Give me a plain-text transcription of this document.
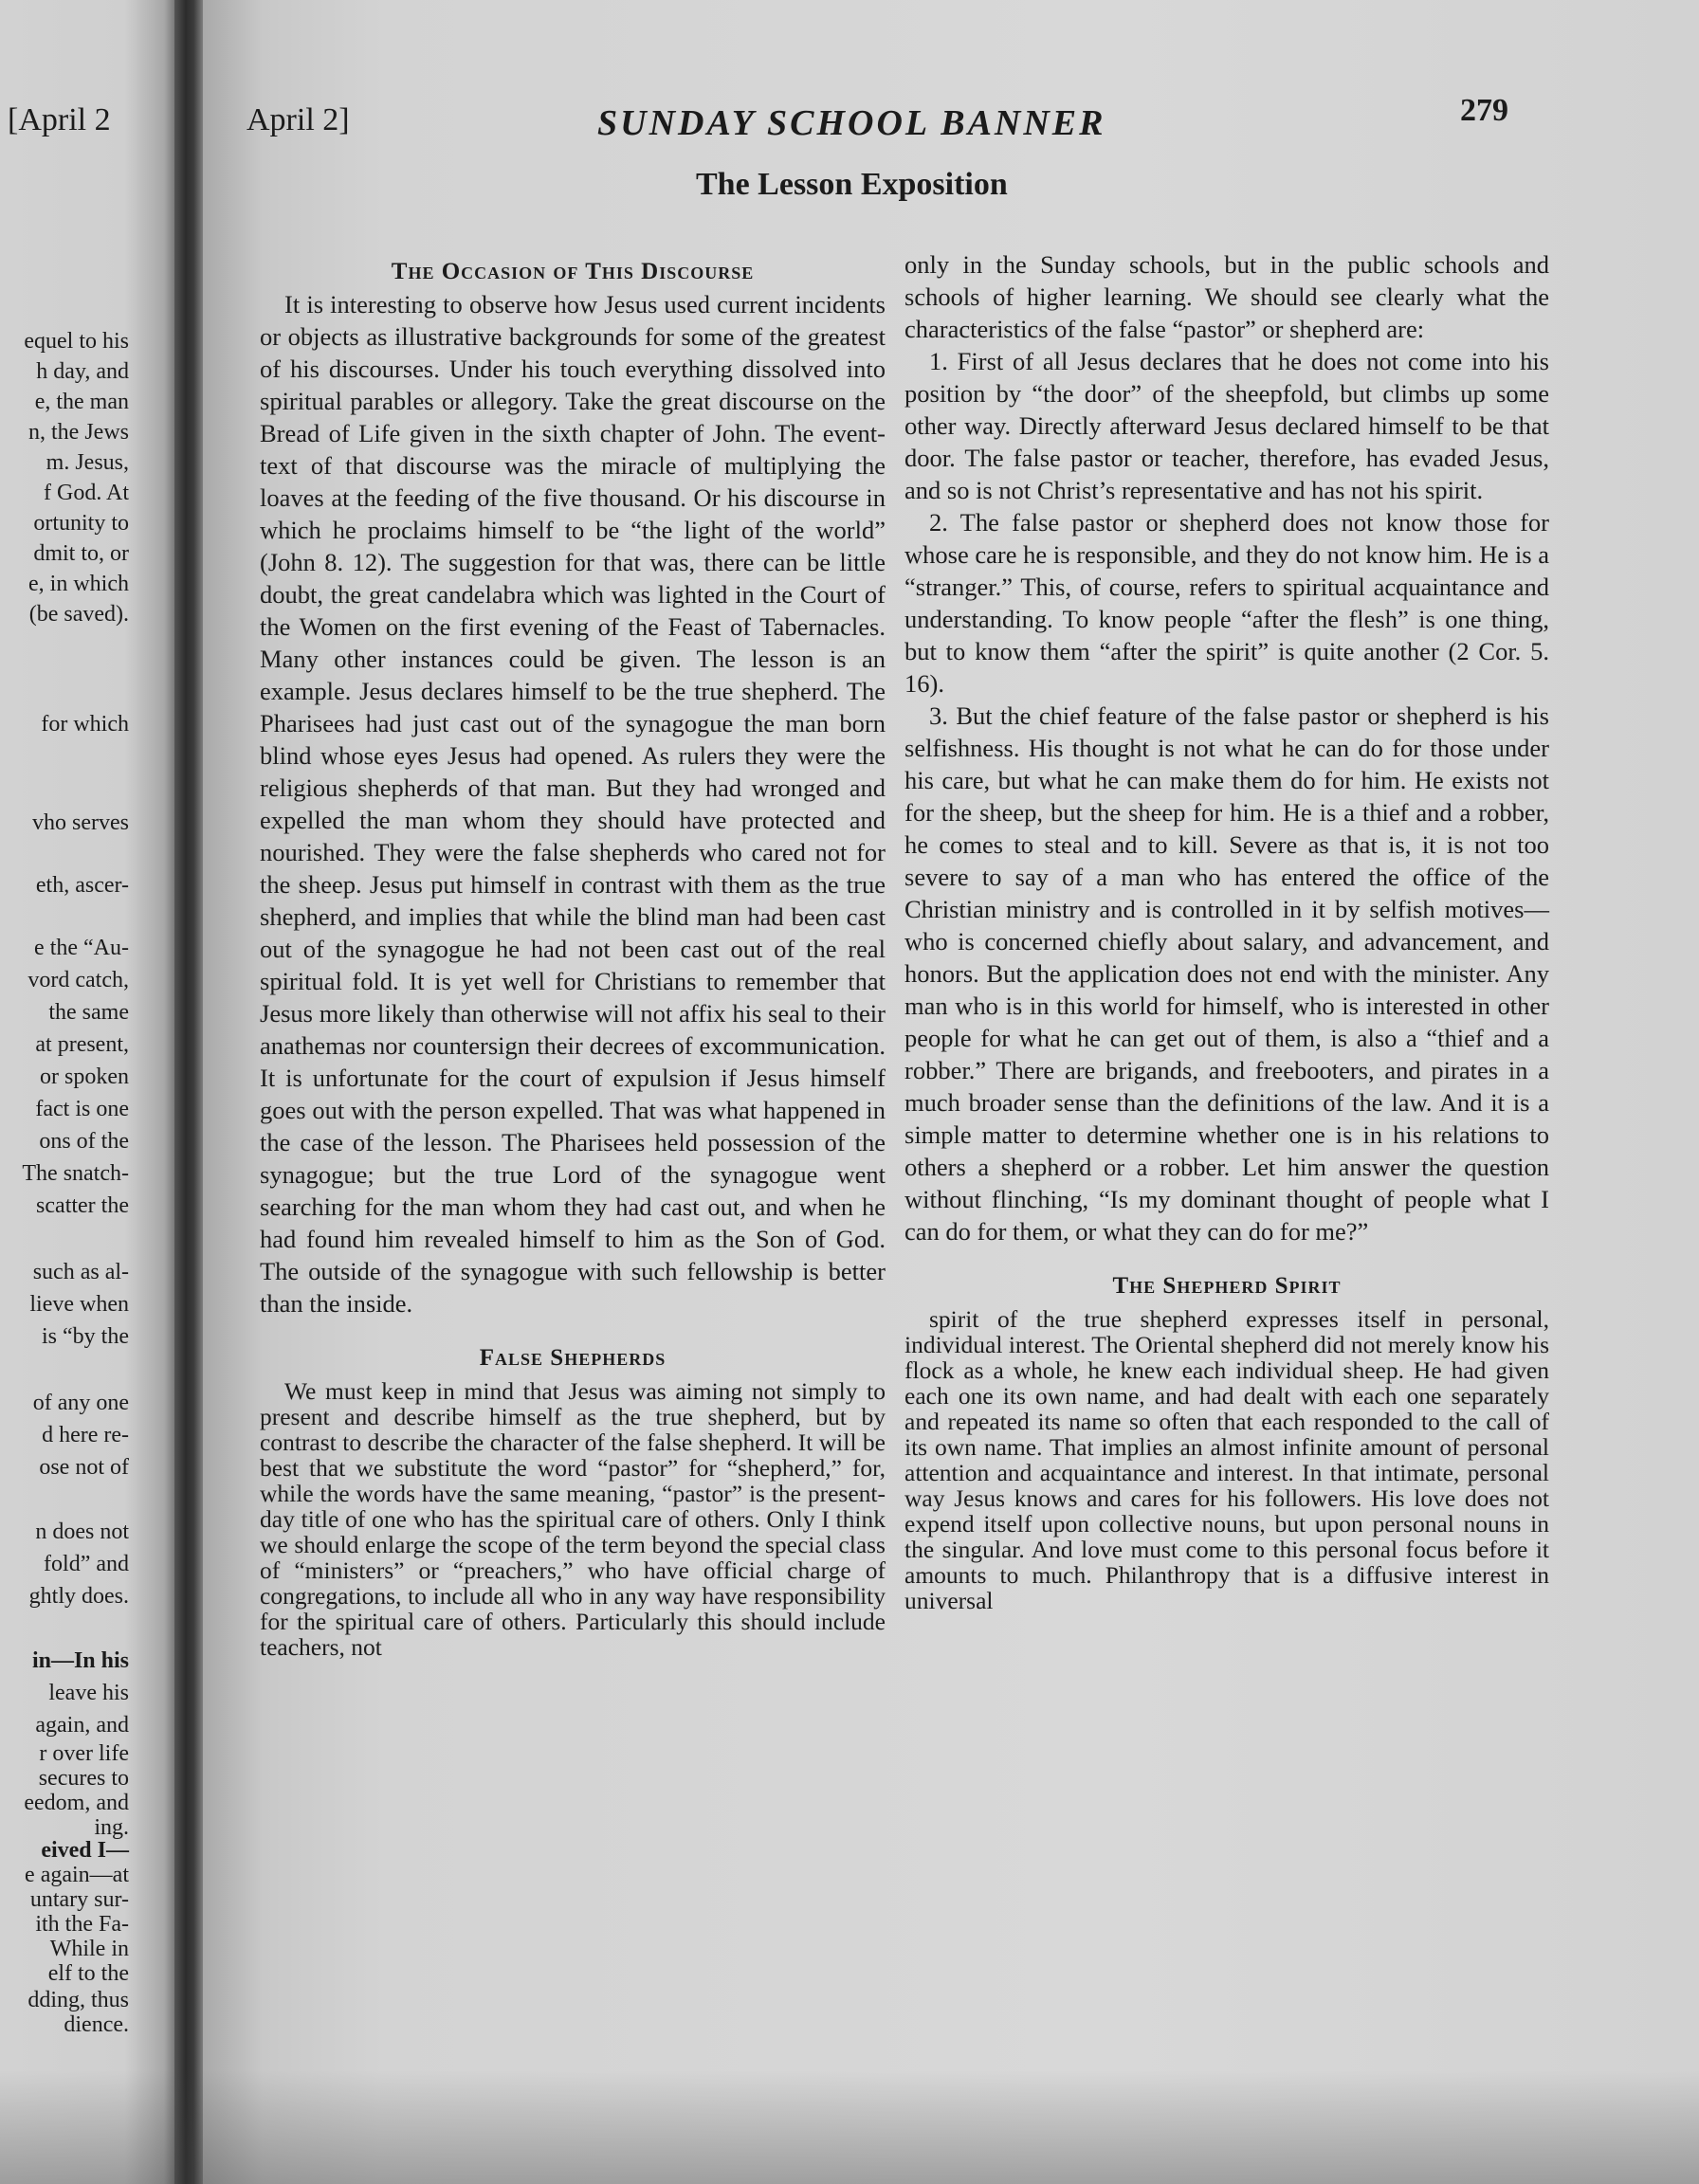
[April 2
equel to his
h day, and
e, the man
n, the Jews
m. Jesus,
f God. At
ortunity to
dmit to, or
e, in which
(be saved).
for which
vho serves
eth, ascer-
e the “Au-
vord catch,
the same
at present,
or spoken
fact is one
ons of the
The snatch-
scatter the
such as al-
lieve when
is “by the
of any one
d here re-
ose not of
n does not
fold” and
ghtly does.
in—In his
leave his
again, and
r over life
secures to
eedom, and
ing.
eived I—
e again—at
untary sur-
ith the Fa-
While in
elf to the
dding, thus
dience.
April 2]	SUNDAY SCHOOL BANNER	279
The Lesson Exposition
The Occasion of This Discourse

It is interesting to observe how Jesus used current incidents or objects as illustrative backgrounds for some of the greatest of his discourses. Under his touch everything dissolved into spiritual parables or allegory. Take the great discourse on the Bread of Life given in the sixth chapter of John. The event-text of that discourse was the miracle of multiplying the loaves at the feeding of the five thousand. Or his discourse in which he proclaims himself to be “the light of the world” (John 8. 12). The suggestion for that was, there can be little doubt, the great candelabra which was lighted in the Court of the Women on the first evening of the Feast of Tabernacles. Many other instances could be given. The lesson is an example. Jesus declares himself to be the true shepherd. The Pharisees had just cast out of the synagogue the man born blind whose eyes Jesus had opened. As rulers they were the religious shepherds of that man. But they had wronged and expelled the man whom they should have protected and nourished. They were the false shepherds who cared not for the sheep. Jesus put himself in contrast with them as the true shepherd, and implies that while the blind man had been cast out of the synagogue he had not been cast out of the real spiritual fold. It is yet well for Christians to remember that Jesus more likely than otherwise will not affix his seal to their anathemas nor countersign their decrees of excommunication. It is unfortunate for the court of expulsion if Jesus himself goes out with the person expelled. That was what happened in the case of the lesson. The Pharisees held possession of the synagogue; but the true Lord of the synagogue went searching for the man whom they had cast out, and when he had found him revealed himself to him as the Son of God. The outside of the synagogue with such fellowship is better than the inside.

False Shepherds

We must keep in mind that Jesus was aiming not simply to present and describe himself as the true shepherd, but by contrast to describe the character of the false shepherd. It will be best that we substitute the word “pastor” for “shepherd,” for, while the words have the same meaning, “pastor” is the present-day title of one who has the spiritual care of others. Only I think we should enlarge the scope of the term beyond the special class of “ministers” or “preachers,” who have official charge of congregations, to include all who in any way have responsibility for the spiritual care of others. Particularly this should include teachers, not

only in the Sunday schools, but in the public schools and schools of higher learning. We should see clearly what the characteristics of the false “pastor” or shepherd are:

1. First of all Jesus declares that he does not come into his position by “the door” of the sheepfold, but climbs up some other way. Directly afterward Jesus declared himself to be that door. The false pastor or teacher, therefore, has evaded Jesus, and so is not Christ’s representative and has not his spirit.

2. The false pastor or shepherd does not know those for whose care he is responsible, and they do not know him. He is a “stranger.” This, of course, refers to spiritual acquaintance and understanding. To know people “after the flesh” is one thing, but to know them “after the spirit” is quite another (2 Cor. 5. 16).

3. But the chief feature of the false pastor or shepherd is his selfishness. His thought is not what he can do for those under his care, but what he can make them do for him. He exists not for the sheep, but the sheep for him. He is a thief and a robber, he comes to steal and to kill. Severe as that is, it is not too severe to say of a man who has entered the office of the Christian ministry and is controlled in it by selfish motives—who is concerned chiefly about salary, and advancement, and honors. But the application does not end with the minister. Any man who is in this world for himself, who is interested in other people for what he can get out of them, is also a “thief and a robber.” There are brigands, and freebooters, and pirates in a much broader sense than the definitions of the law. And it is a simple matter to determine whether one is in his relations to others a shepherd or a robber. Let him answer the question without flinching, “Is my dominant thought of people what I can do for them, or what they can do for me?”

The Shepherd Spirit

spirit of the true shepherd expresses itself in personal, individual interest. The Oriental shepherd did not merely know his flock as a whole, he knew each individual sheep. He had given each one its own name, and had dealt with each one separately and repeated its name so often that each responded to the call of its own name. That implies an almost infinite amount of personal attention and acquaintance and interest. In that intimate, personal way Jesus knows and cares for his followers. His love does not expend itself upon collective nouns, but upon personal nouns in the singular. And love must come to this personal focus before it amounts to much. Philanthropy that is a diffusive interest in universal
